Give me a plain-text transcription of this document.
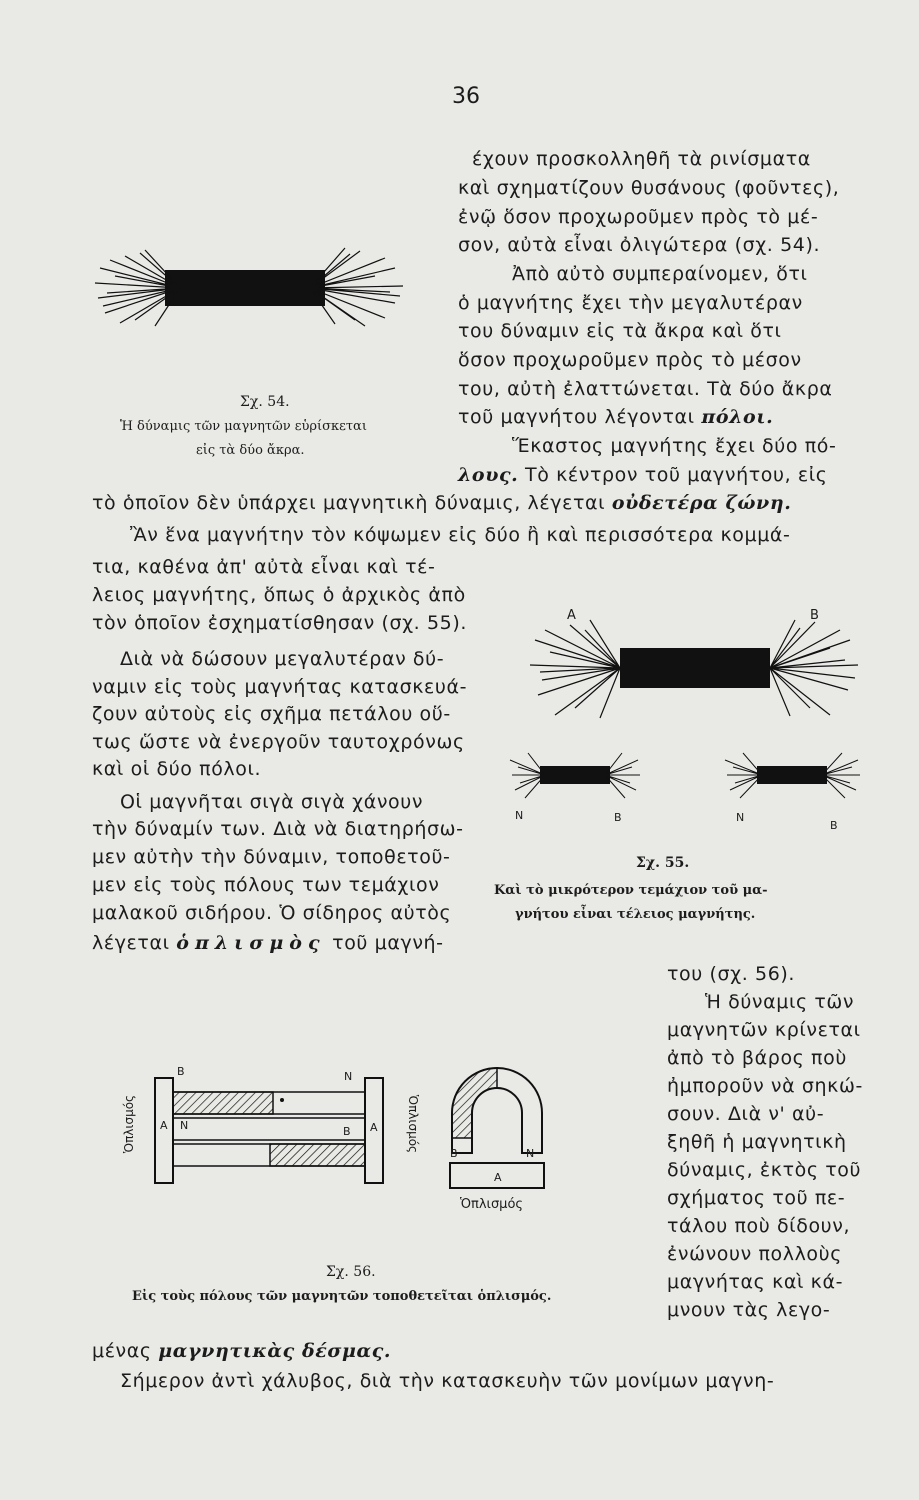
36
Σχ. 54.
Ἡ δύναμις τῶν μαγνητῶν εὑρίσκεται
εἰς τὰ δύο ἄκρα.
έχουν προσκολληθῆ τὰ ρινίσματα
καὶ σχηματίζουν θυσάνους (φοῦντες),
ἐνῷ ὅσον προχωροῦμεν πρὸς τὸ μέ-
σον, αὐτὰ εἶναι ὀλιγώτερα (σχ. 54).
Ἀπὸ αὐτὸ συμπεραίνομεν, ὅτι
ὁ μαγνήτης ἔχει τὴν μεγαλυτέραν
του δύναμιν εἰς τὰ ἄκρα καὶ ὅτι
ὅσον προχωροῦμεν πρὸς τὸ μέσον
του, αὐτὴ ἐλαττώνεται. Τὰ δύο ἄκρα
τοῦ μαγνήτου λέγονται πόλοι.
Ἕκαστος μαγνήτης ἔχει δύο πό-
λους. Τὸ κέντρον τοῦ μαγνήτου, εἰς
τὸ ὁποῖον δὲν ὑπάρχει μαγνητικὴ δύναμις, λέγεται οὐδετέρα ζώνη.
Ἂν ἕνα μαγνήτην τὸν κόψωμεν εἰς δύο ἢ καὶ περισσότερα κομμά-
τια, καθένα ἀπ' αὐτὰ εἶναι καὶ τέ-
λειος μαγνήτης, ὅπως ὁ ἀρχικὸς ἀπὸ
τὸν ὁποῖον ἐσχηματίσθησαν (σχ. 55).
Διὰ νὰ δώσουν μεγαλυτέραν δύ-
ναμιν εἰς τοὺς μαγνήτας κατασκευά-
ζουν αὐτοὺς εἰς σχῆμα πετάλου οὕ-
τως ὥστε νὰ ἐνεργοῦν ταυτοχρόνως
καὶ οἱ δύο πόλοι.
Οἱ μαγνῆται σιγὰ σιγὰ χάνουν
τὴν δύναμίν των. Διὰ νὰ διατηρήσω-
μεν αὐτὴν τὴν δύναμιν, τοποθετοῦ-
μεν εἰς τοὺς πόλους των τεμάχιον
μαλακοῦ σιδήρου. Ὁ σίδηρος αὐτὸς
λέγεται ὁπλισμὸς τοῦ μαγνή-
A	B
N	B	N
B
Σχ. 55.
Καὶ τὸ μικρότερον τεμάχιον τοῦ μα-
γνήτου εἶναι τέλειος μαγνήτης.
του (σχ. 56).
Ἡ δύναμις τῶν
μαγνητῶν κρίνεται
ἀπὸ τὸ βάρος ποὺ
ἠμποροῦν νὰ σηκώ-
σουν. Διὰ ν' αὐ-
ξηθῆ ἡ μαγνητικὴ
δύναμις, ἐκτὸς τοῦ
σχήματος τοῦ πε-
τάλου ποὺ δίδουν,
ἐνώνουν πολλοὺς
μαγνήτας καὶ κά-
μνουν τὰς λεγο-
B	N
A N	B A
Ὁπλισμός	Ὁπλισμός
B	N
A
Ὁπλισμός
Σχ. 56.
Εἰς τοὺς πόλους τῶν μαγνητῶν τοποθετεῖται ὁπλισμός.
μένας μαγνητικὰς δέσμας.
Σήμερον ἀντὶ χάλυβος, διὰ τὴν κατασκευὴν τῶν μονίμων μαγνη-
